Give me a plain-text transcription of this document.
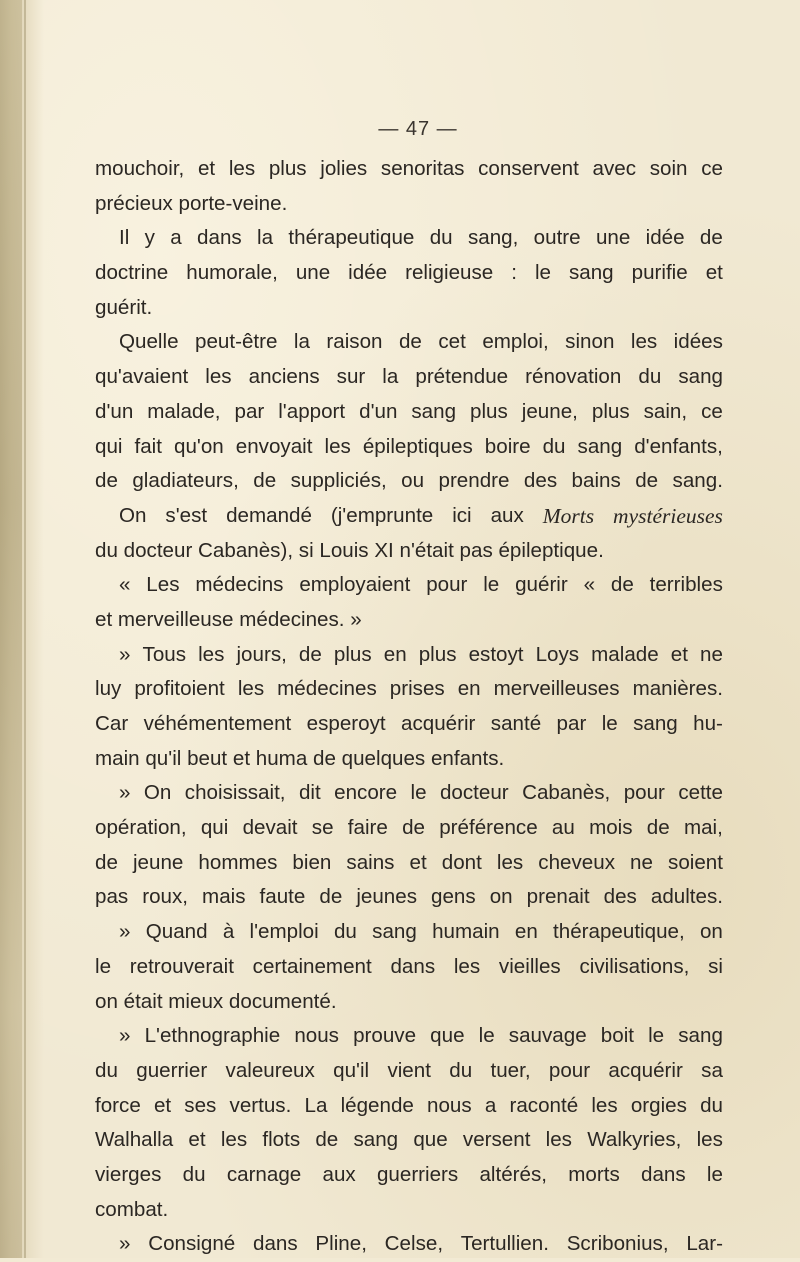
— 47 —
mouchoir, et les plus jolies senoritas conservent avec soin ce
précieux porte-veine.
Il y a dans la thérapeutique du sang, outre une idée de
doctrine humorale, une idée religieuse : le sang purifie et
guérit.
Quelle peut-être la raison de cet emploi, sinon les idées
qu'avaient les anciens sur la prétendue rénovation du sang
d'un malade, par l'apport d'un sang plus jeune, plus sain, ce
qui fait qu'on envoyait les épileptiques boire du sang d'enfants,
de gladiateurs, de suppliciés, ou prendre des bains de sang.
On s'est demandé (j'emprunte ici aux Morts mystérieuses
du docteur Cabanès), si Louis XI n'était pas épileptique.
« Les médecins employaient pour le guérir « de terribles
et merveilleuse médecines. »
» Tous les jours, de plus en plus estoyt Loys malade et ne
luy profitoient les médecines prises en merveilleuses manières.
Car véhémentement esperoyt acquérir santé par le sang hu-
main qu'il beut et huma de quelques enfants.
» On choisissait, dit encore le docteur Cabanès, pour cette
opération, qui devait se faire de préférence au mois de mai,
de jeune hommes bien sains et dont les cheveux ne soient
pas roux, mais faute de jeunes gens on prenait des adultes.
» Quand à l'emploi du sang humain en thérapeutique, on
le retrouverait certainement dans les vieilles civilisations, si
on était mieux documenté.
» L'ethnographie nous prouve que le sauvage boit le sang
du guerrier valeureux qu'il vient du tuer, pour acquérir sa
force et ses vertus. La légende nous a raconté les orgies du
Walhalla et les flots de sang que versent les Walkyries, les
vierges du carnage aux guerriers altérés, morts dans le
combat.
» Consigné dans Pline, Celse, Tertullien. Scribonius, Lar-
